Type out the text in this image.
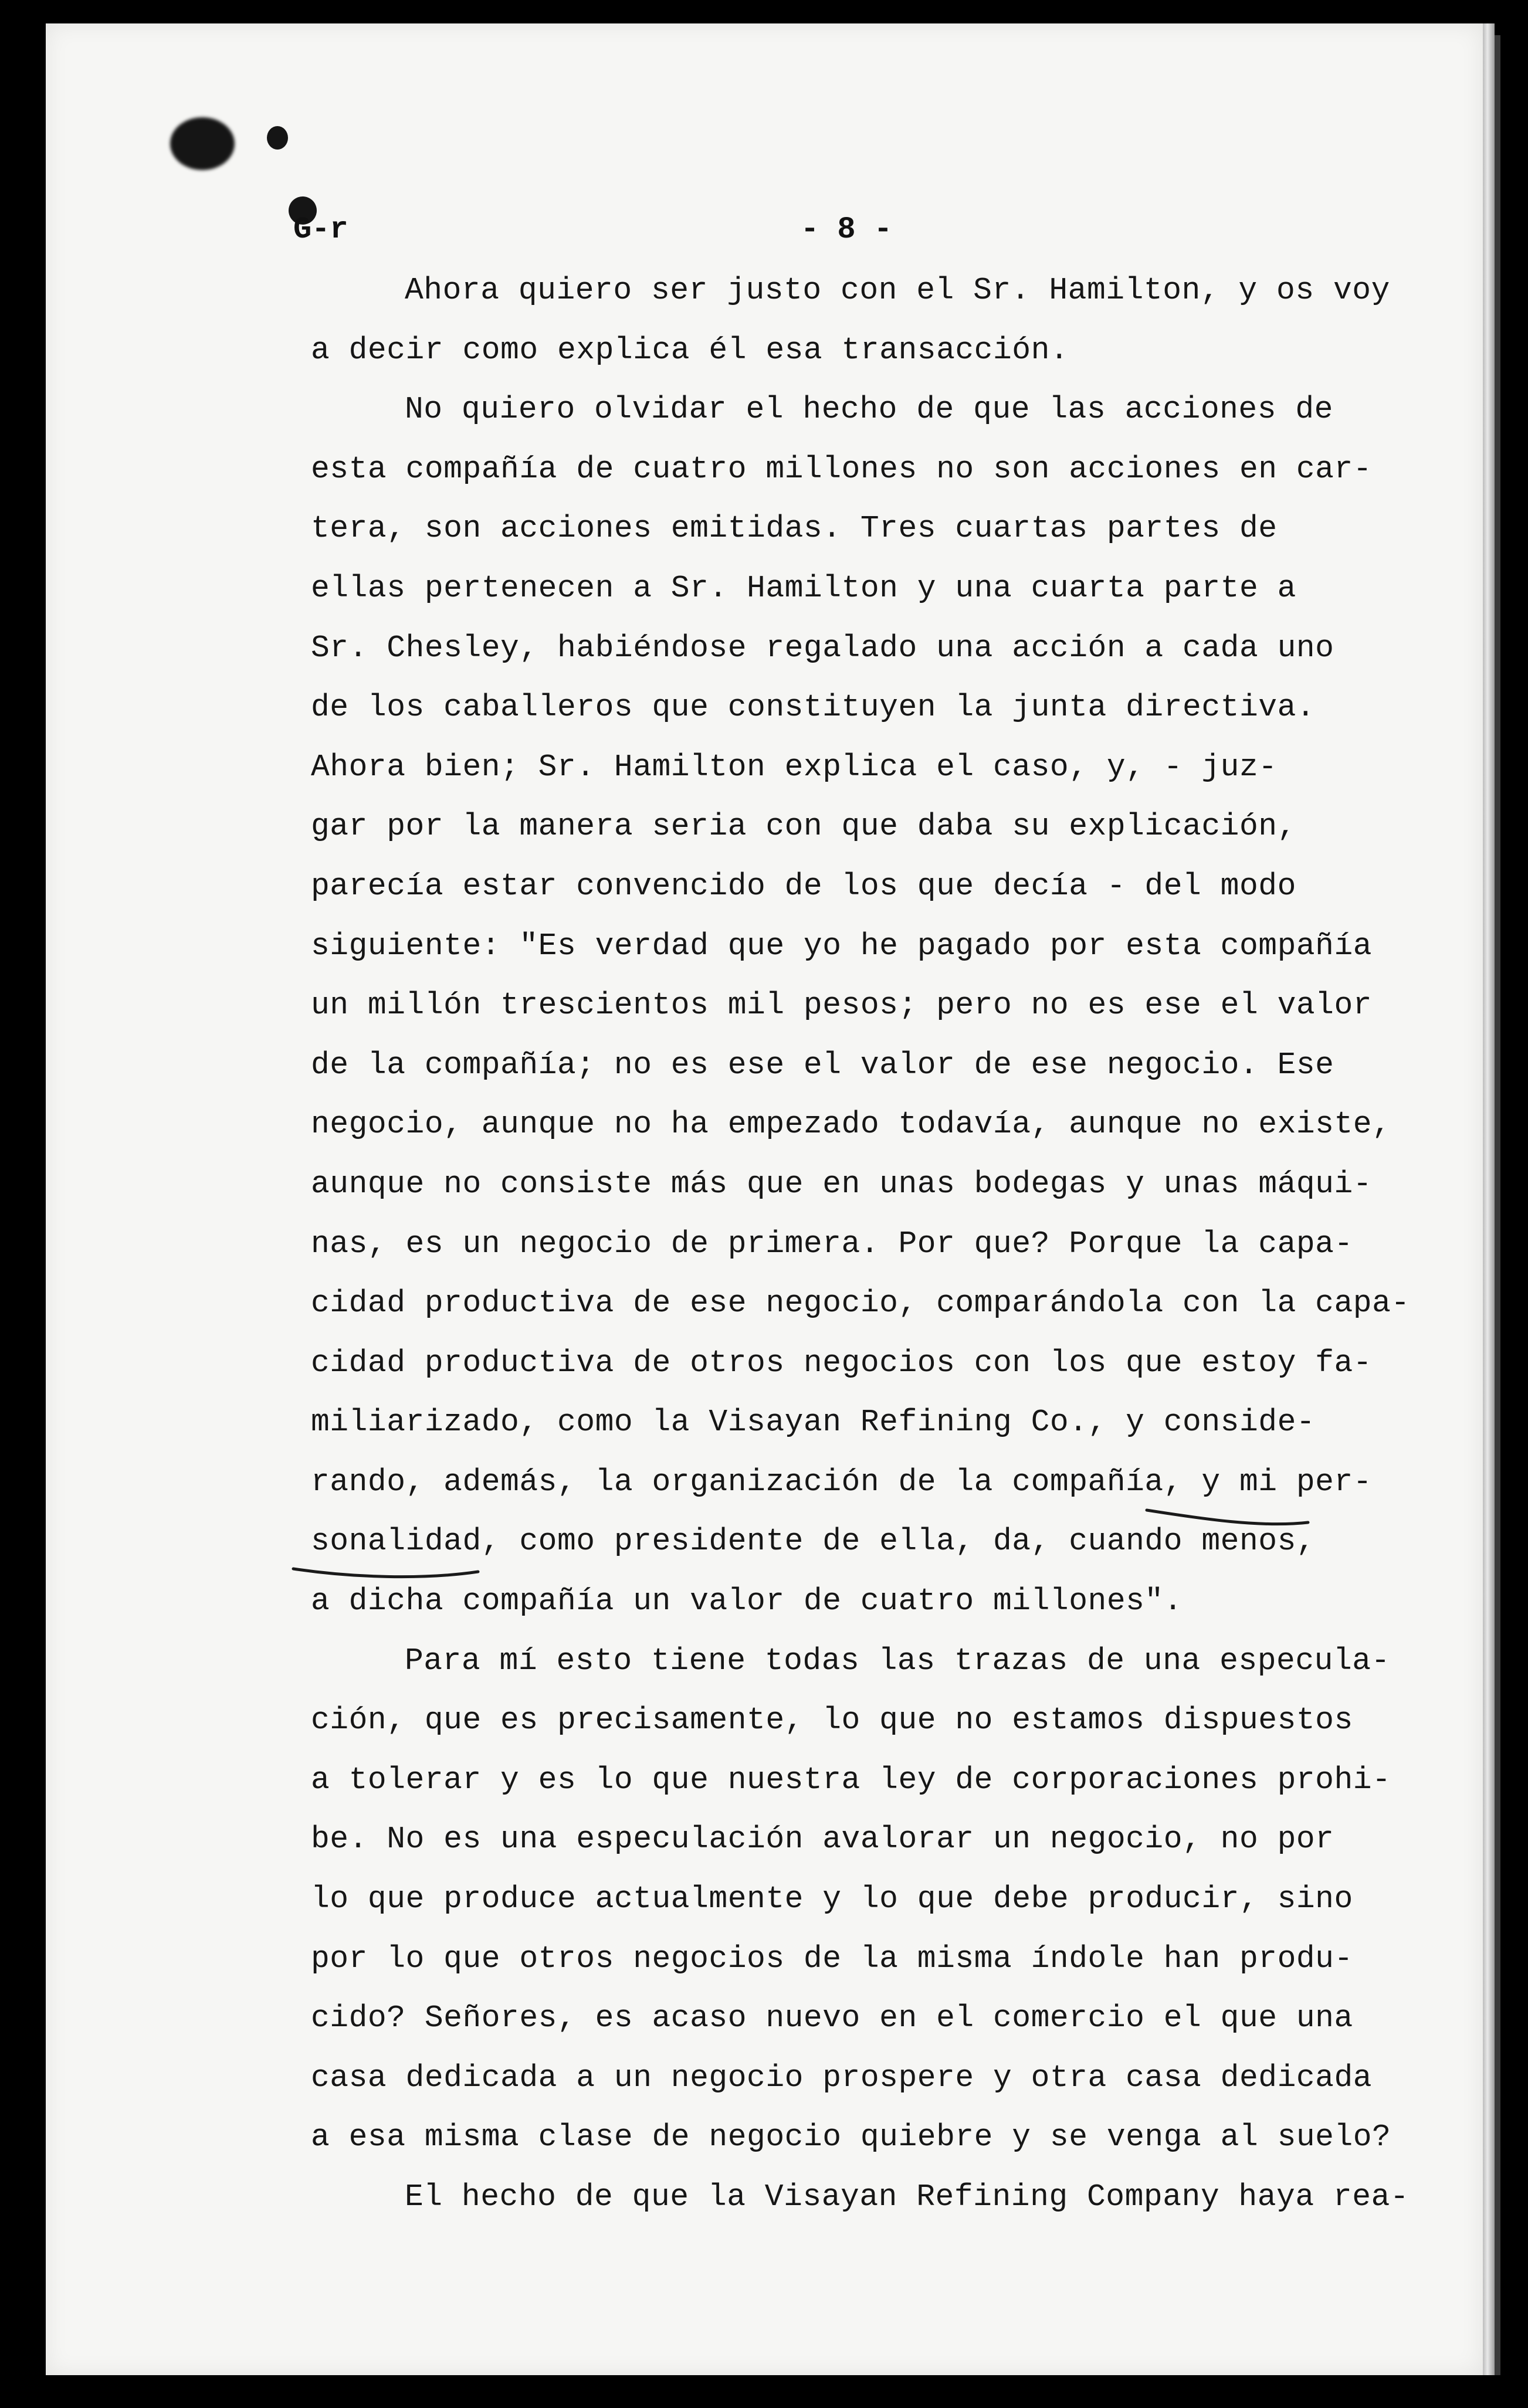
G-r	- 8 -
Ahora quiero ser justo con el Sr. Hamilton, y os voy
a decir como explica él esa transacción.
No quiero olvidar el hecho de que las acciones de
esta compañía de cuatro millones no son acciones en car-
tera, son acciones emitidas. Tres cuartas partes de
ellas pertenecen a Sr. Hamilton y una cuarta parte a
Sr. Chesley, habiéndose regalado una acción a cada uno
de los caballeros que constituyen la junta directiva.
Ahora bien; Sr. Hamilton explica el caso, y, - juz-
gar por la manera seria con que daba su explicación,
parecía estar convencido de los que decía - del modo
siguiente: "Es verdad que yo he pagado por esta compañía
un millón trescientos mil pesos; pero no es ese el valor
de la compañía; no es ese el valor de ese negocio. Ese
negocio, aunque no ha empezado todavía, aunque no existe,
aunque no consiste más que en unas bodegas y unas máqui-
nas, es un negocio de primera. Por que? Porque la capa-
cidad productiva de ese negocio, comparándola con la capa-
cidad productiva de otros negocios con los que estoy fa-
miliarizado, como la Visayan Refining Co., y conside-
rando, además, la organización de la compañía, y mi per-
sonalidad, como presidente de ella, da, cuando menos,
a dicha compañía un valor de cuatro millones".
Para mí esto tiene todas las trazas de una especula-
ción, que es precisamente, lo que no estamos dispuestos
a tolerar y es lo que nuestra ley de corporaciones prohi-
be. No es una especulación avalorar un negocio, no por
lo que produce actualmente y lo que debe producir, sino
por lo que otros negocios de la misma índole han produ-
cido? Señores, es acaso nuevo en el comercio el que una
casa dedicada a un negocio prospere y otra casa dedicada
a esa misma clase de negocio quiebre y se venga al suelo?
El hecho de que la Visayan Refining Company haya rea-
